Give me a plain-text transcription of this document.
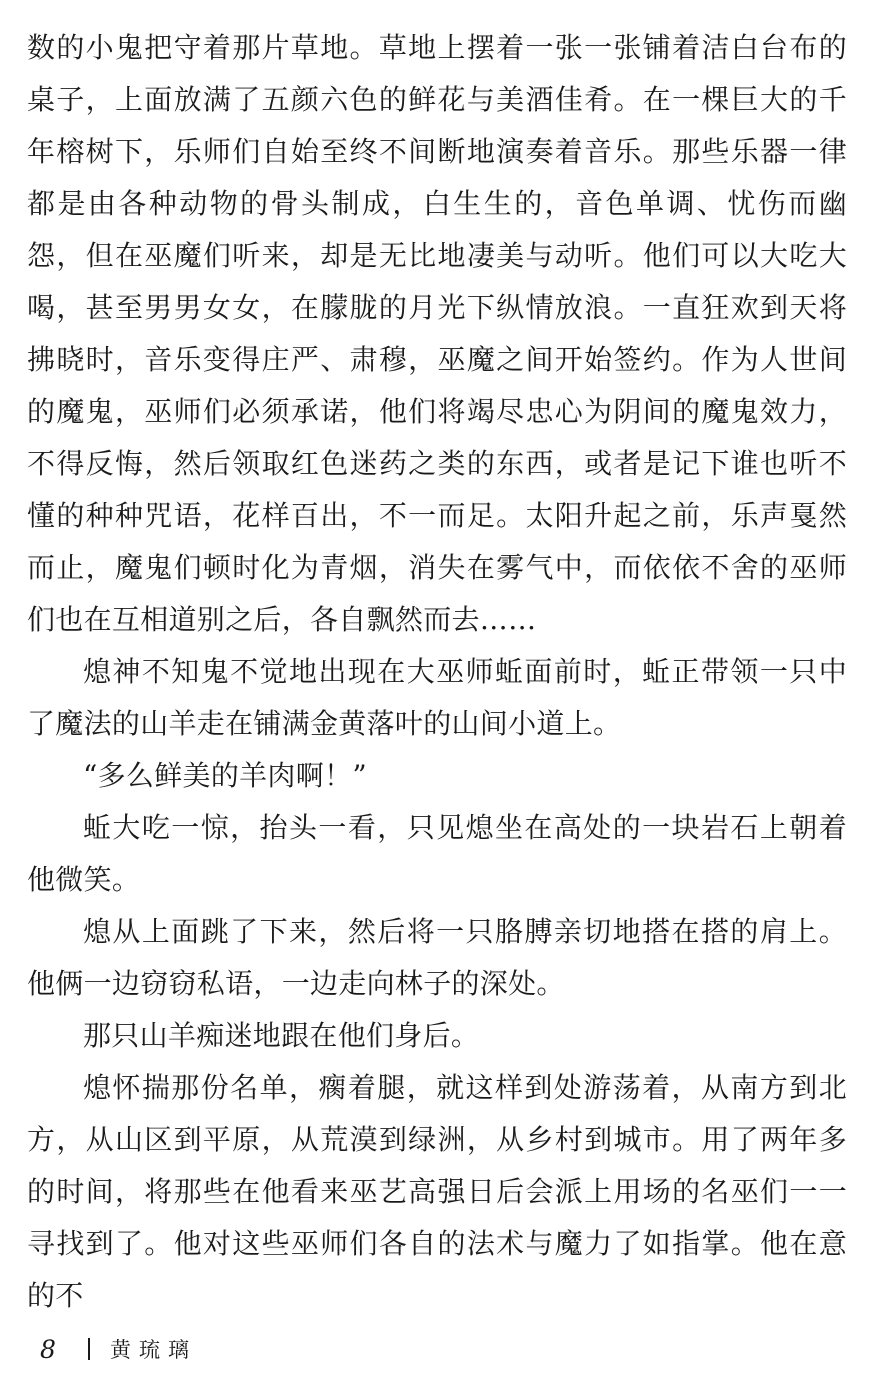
数的小鬼把守着那片草地。草地上摆着一张一张铺着洁白台布的桌子，上面放满了五颜六色的鲜花与美酒佳肴。在一棵巨大的千年榕树下，乐师们自始至终不间断地演奏着音乐。那些乐器一律都是由各种动物的骨头制成，白生生的，音色单调、忧伤而幽怨，但在巫魔们听来，却是无比地凄美与动听。他们可以大吃大喝，甚至男男女女，在朦胧的月光下纵情放浪。一直狂欢到天将拂晓时，音乐变得庄严、肃穆，巫魔之间开始签约。作为人世间的魔鬼，巫师们必须承诺，他们将竭尽忠心为阴间的魔鬼效力，不得反悔，然后领取红色迷药之类的东西，或者是记下谁也听不懂的种种咒语，花样百出，不一而足。太阳升起之前，乐声戛然而止，魔鬼们顿时化为青烟，消失在雾气中，而依依不舍的巫师们也在互相道别之后，各自飘然而去……

熄神不知鬼不觉地出现在大巫师蚯面前时，蚯正带领一只中了魔法的山羊走在铺满金黄落叶的山间小道上。

“多么鲜美的羊肉啊！”

蚯大吃一惊，抬头一看，只见熄坐在高处的一块岩石上朝着他微笑。

熄从上面跳了下来，然后将一只胳膊亲切地搭在搭的肩上。他俩一边窃窃私语，一边走向林子的深处。

那只山羊痴迷地跟在他们身后。

熄怀揣那份名单，瘸着腿，就这样到处游荡着，从南方到北方，从山区到平原，从荒漠到绿洲，从乡村到城市。用了两年多的时间，将那些在他看来巫艺高强日后会派上用场的名巫们一一寻找到了。他对这些巫师们各自的法术与魔力了如指掌。他在意的不

8	黄琉璃
